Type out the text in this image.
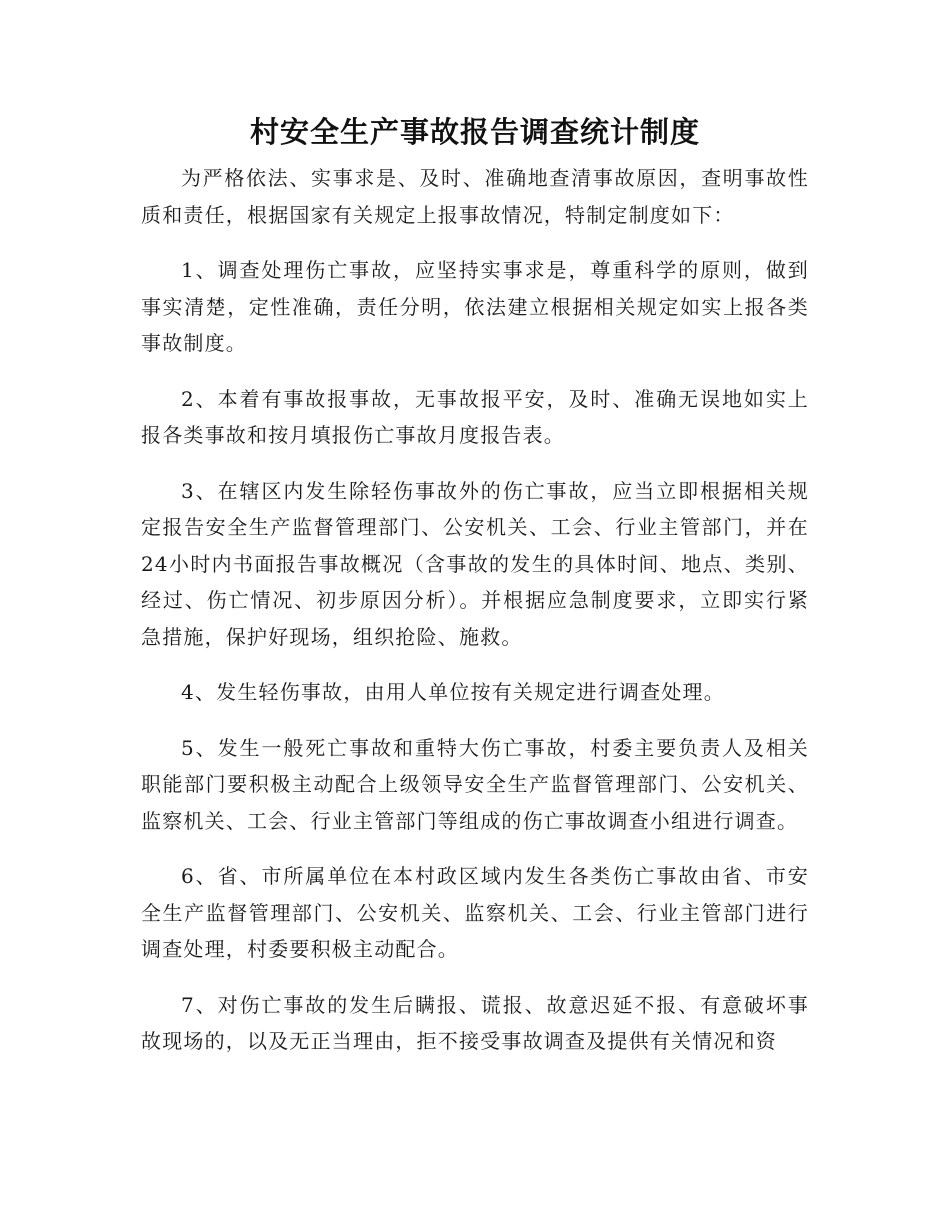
村安全生产事故报告调查统计制度

为严格依法、实事求是、及时、准确地查清事故原因，查明事故性质和责任，根据国家有关规定上报事故情况，特制定制度如下：

1、调查处理伤亡事故，应坚持实事求是，尊重科学的原则，做到事实清楚，定性准确，责任分明，依法建立根据相关规定如实上报各类事故制度。

2、本着有事故报事故，无事故报平安，及时、准确无误地如实上报各类事故和按月填报伤亡事故月度报告表。

3、在辖区内发生除轻伤事故外的伤亡事故，应当立即根据相关规定报告安全生产监督管理部门、公安机关、工会、行业主管部门，并在24小时内书面报告事故概况（含事故的发生的具体时间、地点、类别、经过、伤亡情况、初步原因分析）。并根据应急制度要求，立即实行紧急措施，保护好现场，组织抢险、施救。

4、发生轻伤事故，由用人单位按有关规定进行调查处理。

5、发生一般死亡事故和重特大伤亡事故，村委主要负责人及相关职能部门要积极主动配合上级领导安全生产监督管理部门、公安机关、监察机关、工会、行业主管部门等组成的伤亡事故调查小组进行调查。

6、省、市所属单位在本村政区域内发生各类伤亡事故由省、市安全生产监督管理部门、公安机关、监察机关、工会、行业主管部门进行调查处理，村委要积极主动配合。

7、对伤亡事故的发生后瞒报、谎报、故意迟延不报、有意破坏事故现场的，以及无正当理由，拒不接受事故调查及提供有关情况和资
